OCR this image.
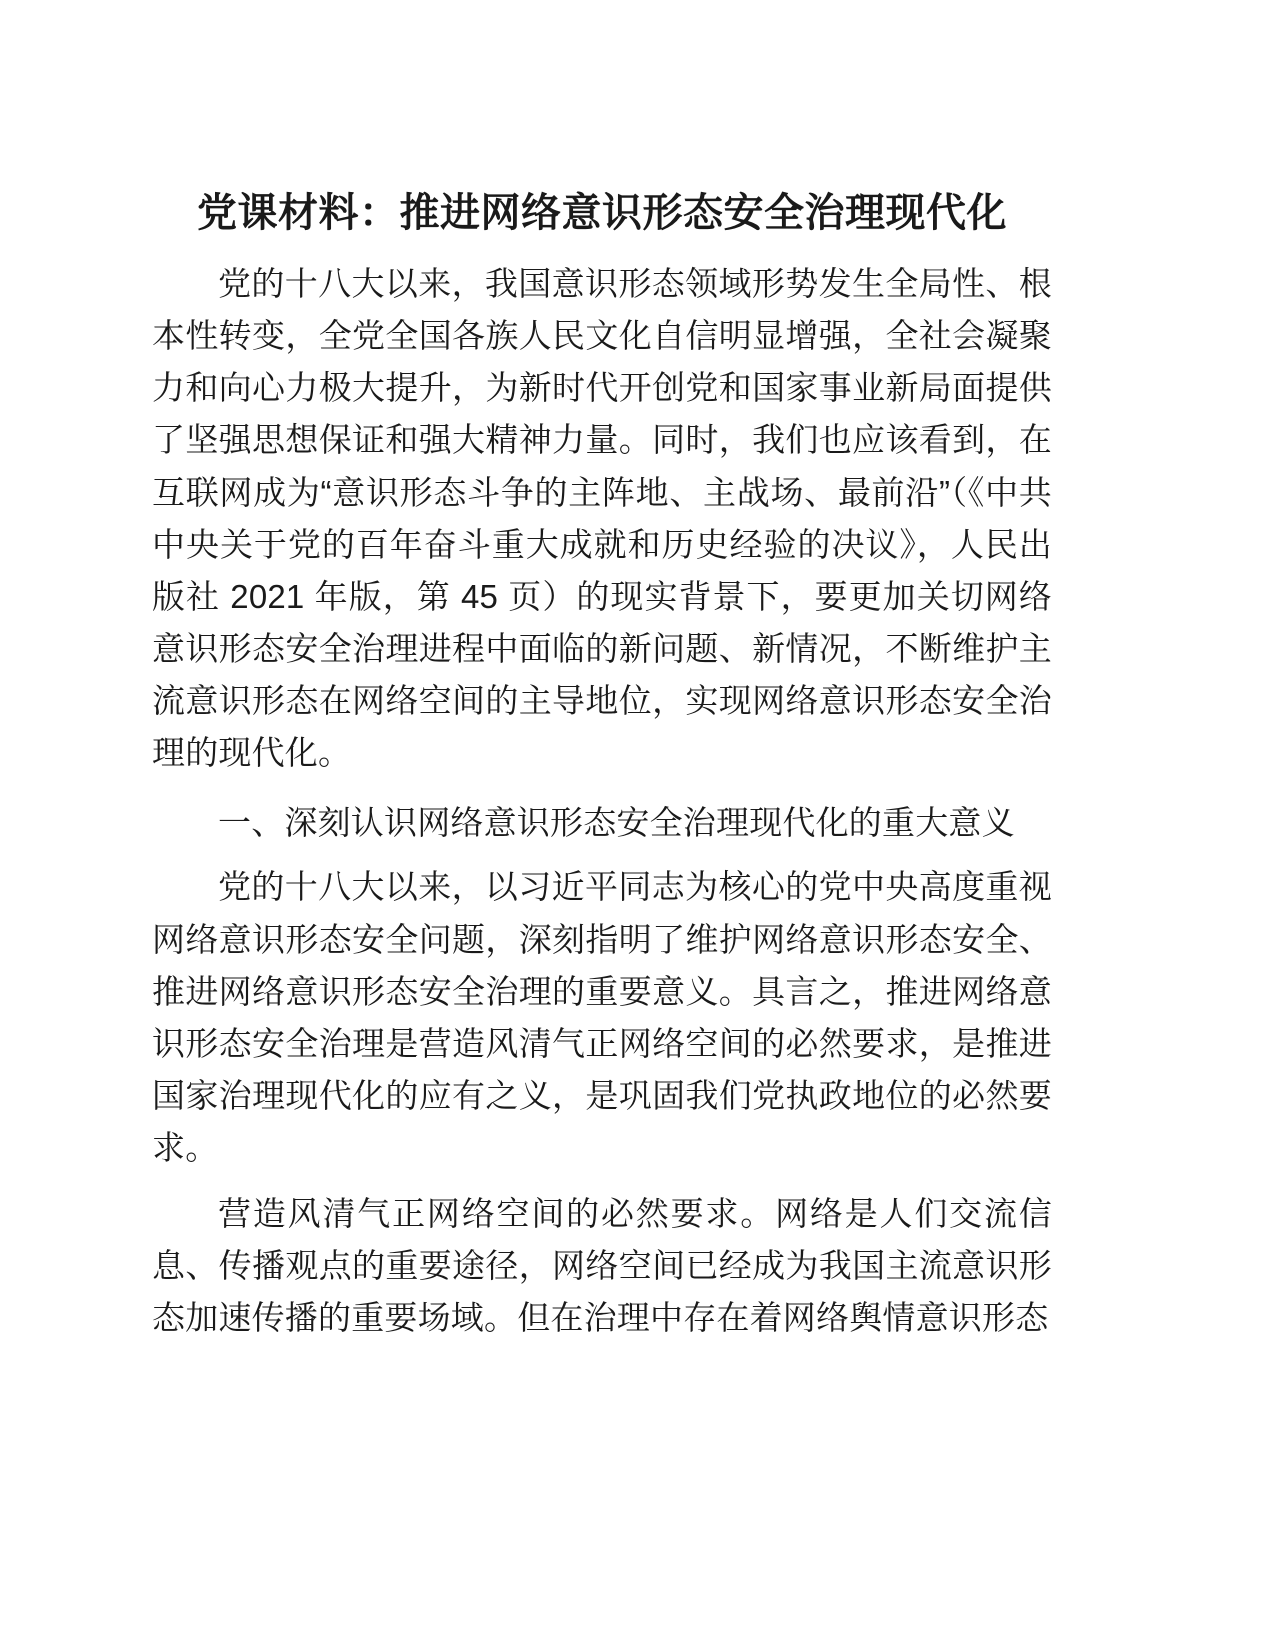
党课材料：推进网络意识形态安全治理现代化

党的十八大以来，我国意识形态领域形势发生全局性、根本性转变，全党全国各族人民文化自信明显增强，全社会凝聚力和向心力极大提升，为新时代开创党和国家事业新局面提供了坚强思想保证和强大精神力量。同时，我们也应该看到，在互联网成为“意识形态斗争的主阵地、主战场、最前沿”（《中共中央关于党的百年奋斗重大成就和历史经验的决议》，人民出版社 2021 年版，第 45 页）的现实背景下，要更加关切网络意识形态安全治理进程中面临的新问题、新情况，不断维护主流意识形态在网络空间的主导地位，实现网络意识形态安全治理的现代化。

一、深刻认识网络意识形态安全治理现代化的重大意义

党的十八大以来，以习近平同志为核心的党中央高度重视网络意识形态安全问题，深刻指明了维护网络意识形态安全、推进网络意识形态安全治理的重要意义。具言之，推进网络意识形态安全治理是营造风清气正网络空间的必然要求，是推进国家治理现代化的应有之义，是巩固我们党执政地位的必然要求。

营造风清气正网络空间的必然要求。网络是人们交流信息、传播观点的重要途径，网络空间已经成为我国主流意识形态加速传播的重要场域。但在治理中存在着网络舆情意识形态
